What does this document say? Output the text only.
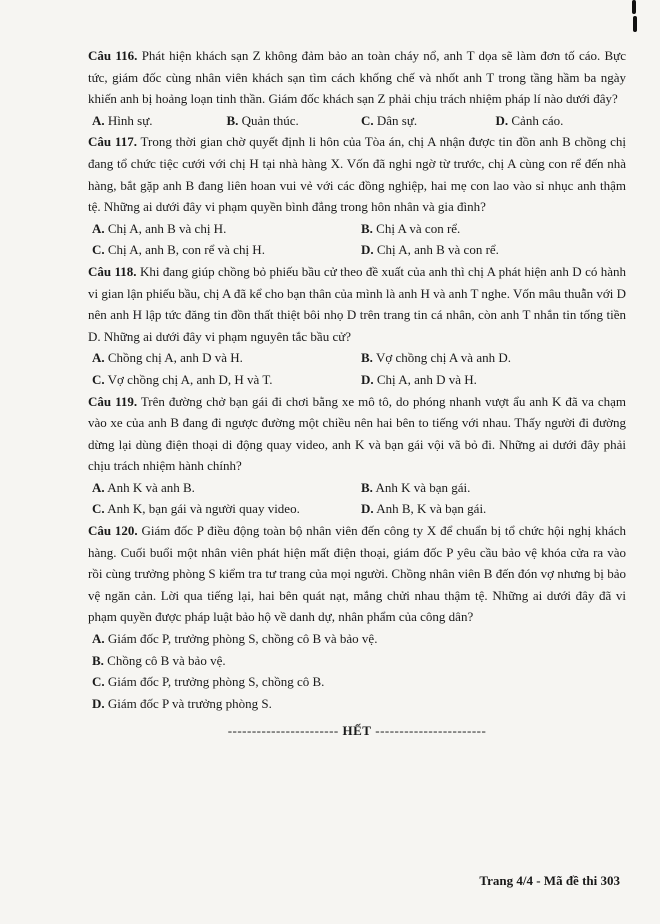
Câu 116. Phát hiện khách sạn Z không đảm bảo an toàn cháy nổ, anh T dọa sẽ làm đơn tố cáo. Bực tức, giám đốc cùng nhân viên khách sạn tìm cách khống chế và nhốt anh T trong tầng hầm ba ngày khiến anh bị hoảng loạn tinh thần. Giám đốc khách sạn Z phải chịu trách nhiệm pháp lí nào dưới đây?
A. Hình sự.	B. Quản thúc.	C. Dân sự.	D. Cảnh cáo.
Câu 117. Trong thời gian chờ quyết định li hôn của Tòa án, chị A nhận được tin đồn anh B chồng chị đang tổ chức tiệc cưới với chị H tại nhà hàng X. Vốn đã nghi ngờ từ trước, chị A cùng con rể đến nhà hàng, bắt gặp anh B đang liên hoan vui vẻ với các đồng nghiệp, hai mẹ con lao vào sỉ nhục anh thậm tệ. Những ai dưới đây vi phạm quyền bình đẳng trong hôn nhân và gia đình?
A. Chị A, anh B và chị H.	B. Chị A và con rể.
C. Chị A, anh B, con rể và chị H.	D. Chị A, anh B và con rể.
Câu 118. Khi đang giúp chồng bỏ phiếu bầu cử theo đề xuất của anh thì chị A phát hiện anh D có hành vi gian lận phiếu bầu, chị A đã kể cho bạn thân của mình là anh H và anh T nghe. Vốn mâu thuẫn với D nên anh H lập tức đăng tin đồn thất thiệt bôi nhọ D trên trang tin cá nhân, còn anh T nhắn tin tống tiền D. Những ai dưới đây vi phạm nguyên tắc bầu cử?
A. Chồng chị A, anh D và H.	B. Vợ chồng chị A và anh D.
C. Vợ chồng chị A, anh D, H và T.	D. Chị A, anh D và H.
Câu 119. Trên đường chở bạn gái đi chơi bằng xe mô tô, do phóng nhanh vượt ẩu anh K đã va chạm vào xe của anh B đang đi ngược đường một chiều nên hai bên to tiếng với nhau. Thấy người đi đường dừng lại dùng điện thoại di động quay video, anh K và bạn gái vội vã bỏ đi. Những ai dưới đây phải chịu trách nhiệm hành chính?
A. Anh K và anh B.	B. Anh K và bạn gái.
C. Anh K, bạn gái và người quay video.	D. Anh B, K và bạn gái.
Câu 120. Giám đốc P điều động toàn bộ nhân viên đến công ty X để chuẩn bị tổ chức hội nghị khách hàng. Cuối buổi một nhân viên phát hiện mất điện thoại, giám đốc P yêu cầu bảo vệ khóa cửa ra vào rồi cùng trưởng phòng S kiểm tra tư trang của mọi người. Chồng nhân viên B đến đón vợ nhưng bị bảo vệ ngăn cản. Lời qua tiếng lại, hai bên quát nạt, mắng chửi nhau thậm tệ. Những ai dưới đây đã vi phạm quyền được pháp luật bảo hộ về danh dự, nhân phẩm của công dân?
A. Giám đốc P, trưởng phòng S, chồng cô B và bảo vệ.
B. Chồng cô B và bảo vệ.
C. Giám đốc P, trưởng phòng S, chồng cô B.
D. Giám đốc P và trưởng phòng S.
----------------------- HẾT -----------------------
Trang 4/4 - Mã đề thi 303
